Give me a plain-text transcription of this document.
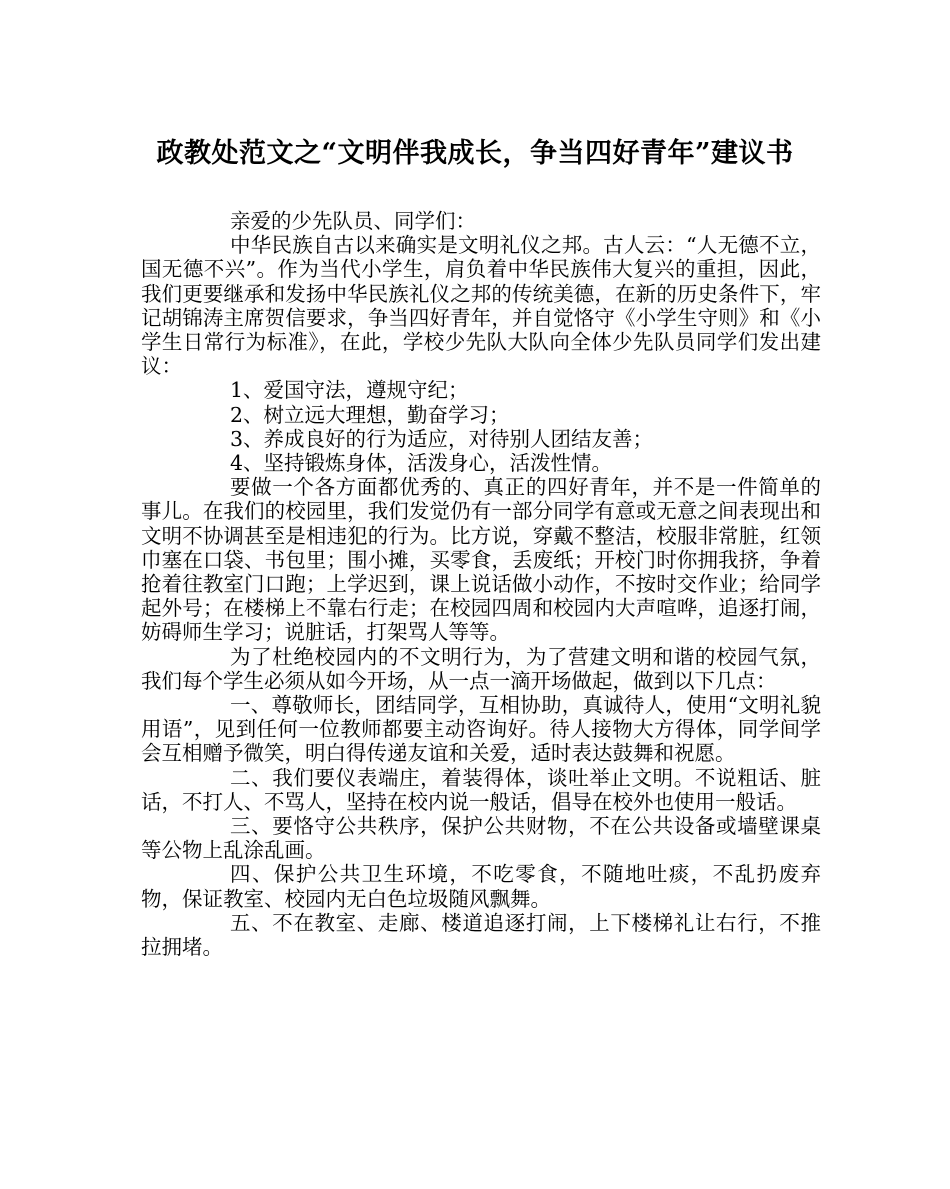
政教处范文之“文明伴我成长，争当四好青年”建议书

亲爱的少先队员、同学们：

中华民族自古以来确实是文明礼仪之邦。古人云：“人无德不立，国无德不兴”。作为当代小学生，肩负着中华民族伟大复兴的重担，因此，我们更要继承和发扬中华民族礼仪之邦的传统美德，在新的历史条件下，牢记胡锦涛主席贺信要求，争当四好青年，并自觉恪守《小学生守则》和《小学生日常行为标准》，在此，学校少先队大队向全体少先队员同学们发出建议：

1、爱国守法，遵规守纪；

2、树立远大理想，勤奋学习；

3、养成良好的行为适应，对待别人团结友善；

4、坚持锻炼身体，活泼身心，活泼性情。

要做一个各方面都优秀的、真正的四好青年，并不是一件简单的事儿。在我们的校园里，我们发觉仍有一部分同学有意或无意之间表现出和文明不协调甚至是相违犯的行为。比方说，穿戴不整洁，校服非常脏，红领巾塞在口袋、书包里；围小摊，买零食，丢废纸；开校门时你拥我挤，争着抢着往教室门口跑；上学迟到，课上说话做小动作，不按时交作业；给同学起外号；在楼梯上不靠右行走；在校园四周和校园内大声喧哗，追逐打闹，妨碍师生学习；说脏话，打架骂人等等。

为了杜绝校园内的不文明行为，为了营建文明和谐的校园气氛，我们每个学生必须从如今开场，从一点一滴开场做起，做到以下几点：

一、尊敬师长，团结同学，互相协助，真诚待人，使用“文明礼貌用语”，见到任何一位教师都要主动咨询好。待人接物大方得体，同学间学会互相赠予微笑，明白得传递友谊和关爱，适时表达鼓舞和祝愿。

二、我们要仪表端庄，着装得体，谈吐举止文明。不说粗话、脏话，不打人、不骂人，坚持在校内说一般话，倡导在校外也使用一般话。

三、要恪守公共秩序，保护公共财物，不在公共设备或墙壁课桌等公物上乱涂乱画。

四、保护公共卫生环境，不吃零食，不随地吐痰，不乱扔废弃物，保证教室、校园内无白色垃圾随风飘舞。

五、不在教室、走廊、楼道追逐打闹，上下楼梯礼让右行，不推拉拥堵。
